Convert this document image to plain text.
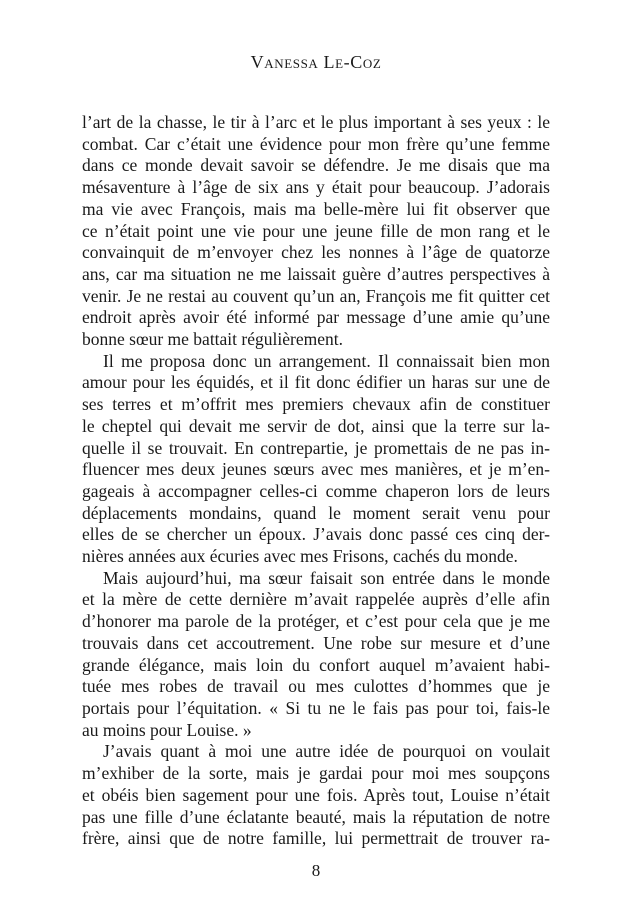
Vanessa Le-Coz
l’art de la chasse, le tir à l’arc et le plus important à ses yeux : le
combat. Car c’était une évidence pour mon frère qu’une femme
dans ce monde devait savoir se défendre. Je me disais que ma
mésaventure à l’âge de six ans y était pour beaucoup. J’adorais
ma vie avec François, mais ma belle-mère lui fit observer que
ce n’était point une vie pour une jeune fille de mon rang et le
convainquit de m’envoyer chez les nonnes à l’âge de quatorze
ans, car ma situation ne me laissait guère d’autres perspectives à
venir. Je ne restai au couvent qu’un an, François me fit quitter cet
endroit après avoir été informé par message d’une amie qu’une
bonne sœur me battait régulièrement.
Il me proposa donc un arrangement. Il connaissait bien mon
amour pour les équidés, et il fit donc édifier un haras sur une de
ses terres et m’offrit mes premiers chevaux afin de constituer
le cheptel qui devait me servir de dot, ainsi que la terre sur la-
quelle il se trouvait. En contrepartie, je promettais de ne pas in-
fluencer mes deux jeunes sœurs avec mes manières, et je m’en-
gageais à accompagner celles-ci comme chaperon lors de leurs
déplacements mondains, quand le moment serait venu pour
elles de se chercher un époux. J’avais donc passé ces cinq der-
nières années aux écuries avec mes Frisons, cachés du monde.
Mais aujourd’hui, ma sœur faisait son entrée dans le monde
et la mère de cette dernière m’avait rappelée auprès d’elle afin
d’honorer ma parole de la protéger, et c’est pour cela que je me
trouvais dans cet accoutrement. Une robe sur mesure et d’une
grande élégance, mais loin du confort auquel m’avaient habi-
tuée mes robes de travail ou mes culottes d’hommes que je
portais pour l’équitation. « Si tu ne le fais pas pour toi, fais-le
au moins pour Louise. »
J’avais quant à moi une autre idée de pourquoi on voulait
m’exhiber de la sorte, mais je gardai pour moi mes soupçons
et obéis bien sagement pour une fois. Après tout, Louise n’était
pas une fille d’une éclatante beauté, mais la réputation de notre
frère, ainsi que de notre famille, lui permettrait de trouver ra-
8
